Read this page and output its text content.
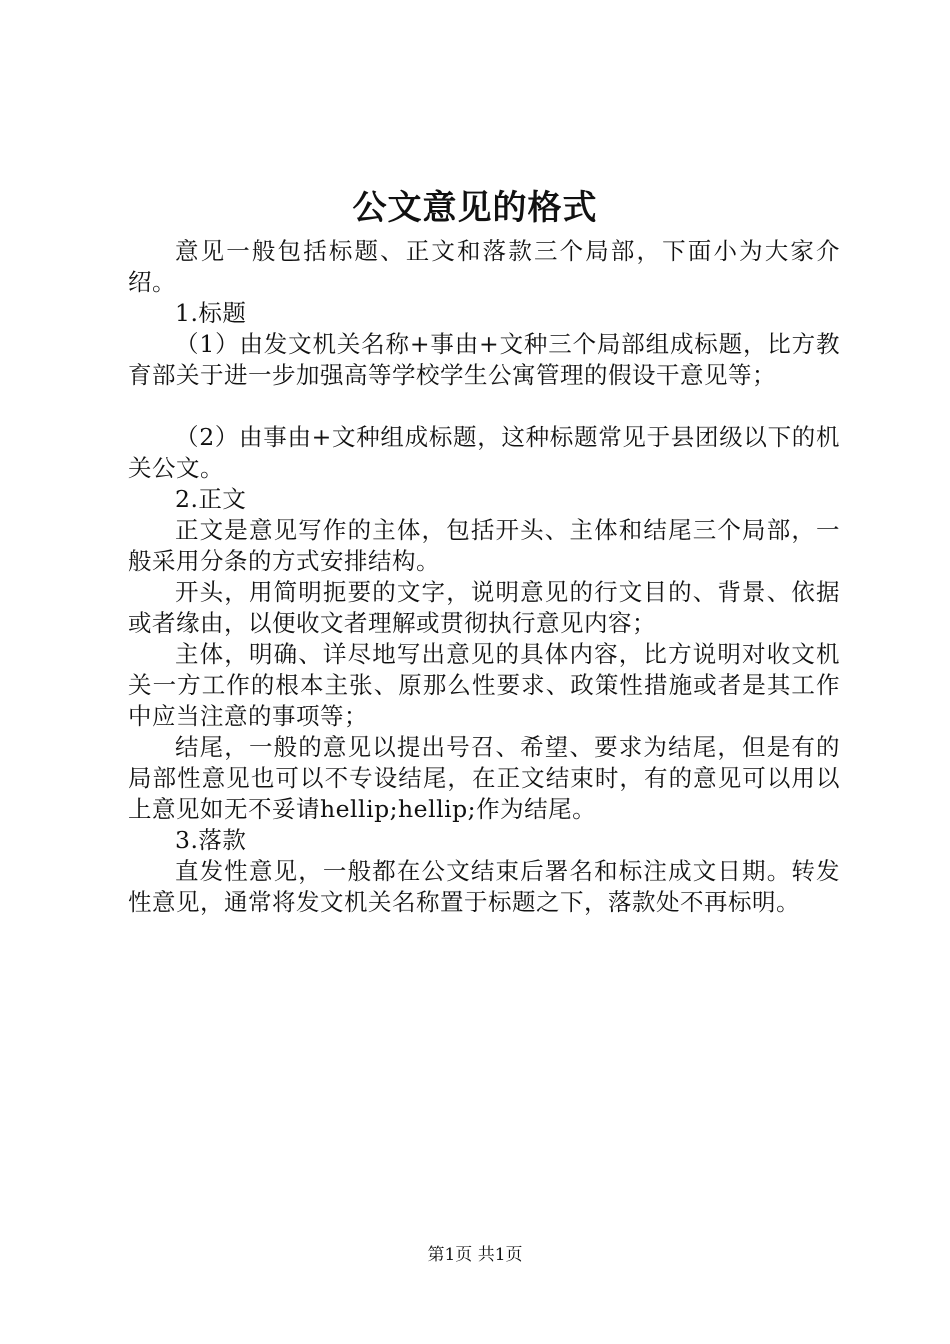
公文意见的格式

意见一般包括标题、正文和落款三个局部，下面小为大家介绍。

1.标题

（1）由发文机关名称+事由+文种三个局部组成标题，比方教育部关于进一步加强高等学校学生公寓管理的假设干意见等；

（2）由事由+文种组成标题，这种标题常见于县团级以下的机关公文。

2.正文

正文是意见写作的主体，包括开头、主体和结尾三个局部，一般采用分条的方式安排结构。

开头，用简明扼要的文字，说明意见的行文目的、背景、依据或者缘由，以便收文者理解或贯彻执行意见内容；

主体，明确、详尽地写出意见的具体内容，比方说明对收文机关一方工作的根本主张、原那么性要求、政策性措施或者是其工作中应当注意的事项等；

结尾，一般的意见以提出号召、希望、要求为结尾，但是有的局部性意见也可以不专设结尾，在正文结束时，有的意见可以用以上意见如无不妥请hellip;hellip;作为结尾。

3.落款

直发性意见，一般都在公文结束后署名和标注成文日期。转发性意见，通常将发文机关名称置于标题之下，落款处不再标明。

第1页 共1页
